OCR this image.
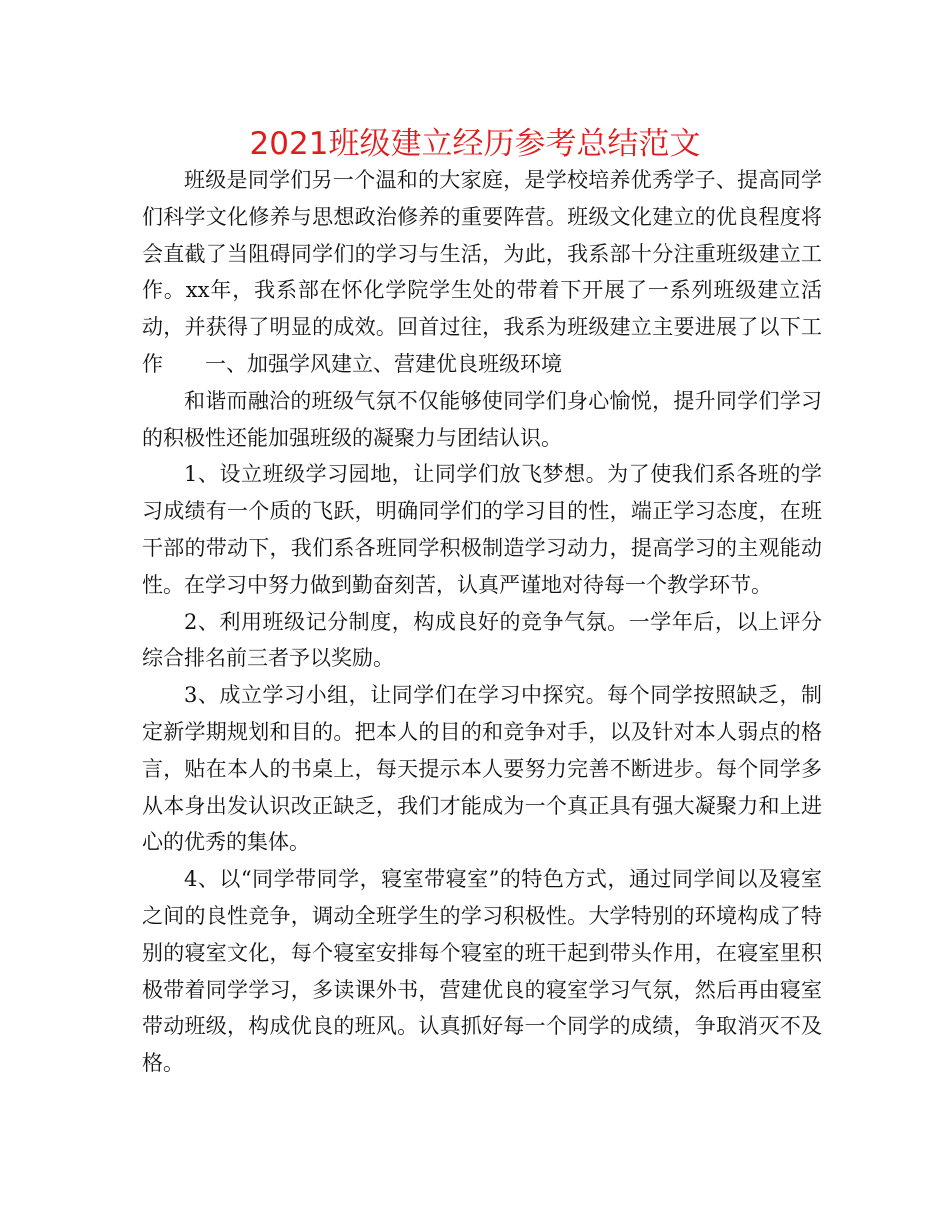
2021班级建立经历参考总结范文

班级是同学们另一个温和的大家庭，是学校培养优秀学子、提高同学们科学文化修养与思想政治修养的重要阵营。班级文化建立的优良程度将会直截了当阻碍同学们的学习与生活，为此，我系部十分注重班级建立工作。xx年，我系部在怀化学院学生处的带着下开展了一系列班级建立活动，并获得了明显的成效。回首过往，我系为班级建立主要进展了以下工作　　一、加强学风建立、营建优良班级环境

和谐而融洽的班级气氛不仅能够使同学们身心愉悦，提升同学们学习的积极性还能加强班级的凝聚力与团结认识。

1、设立班级学习园地，让同学们放飞梦想。为了使我们系各班的学习成绩有一个质的飞跃，明确同学们的学习目的性，端正学习态度，在班干部的带动下，我们系各班同学积极制造学习动力，提高学习的主观能动性。在学习中努力做到勤奋刻苦，认真严谨地对待每一个教学环节。

2、利用班级记分制度，构成良好的竞争气氛。一学年后，以上评分综合排名前三者予以奖励。

3、成立学习小组，让同学们在学习中探究。每个同学按照缺乏，制定新学期规划和目的。把本人的目的和竞争对手，以及针对本人弱点的格言，贴在本人的书桌上，每天提示本人要努力完善不断进步。每个同学多从本身出发认识改正缺乏，我们才能成为一个真正具有强大凝聚力和上进心的优秀的集体。

4、以“同学带同学，寝室带寝室”的特色方式，通过同学间以及寝室之间的良性竞争，调动全班学生的学习积极性。大学特别的环境构成了特别的寝室文化，每个寝室安排每个寝室的班干起到带头作用，在寝室里积极带着同学学习，多读课外书，营建优良的寝室学习气氛，然后再由寝室带动班级，构成优良的班风。认真抓好每一个同学的成绩，争取消灭不及格。
